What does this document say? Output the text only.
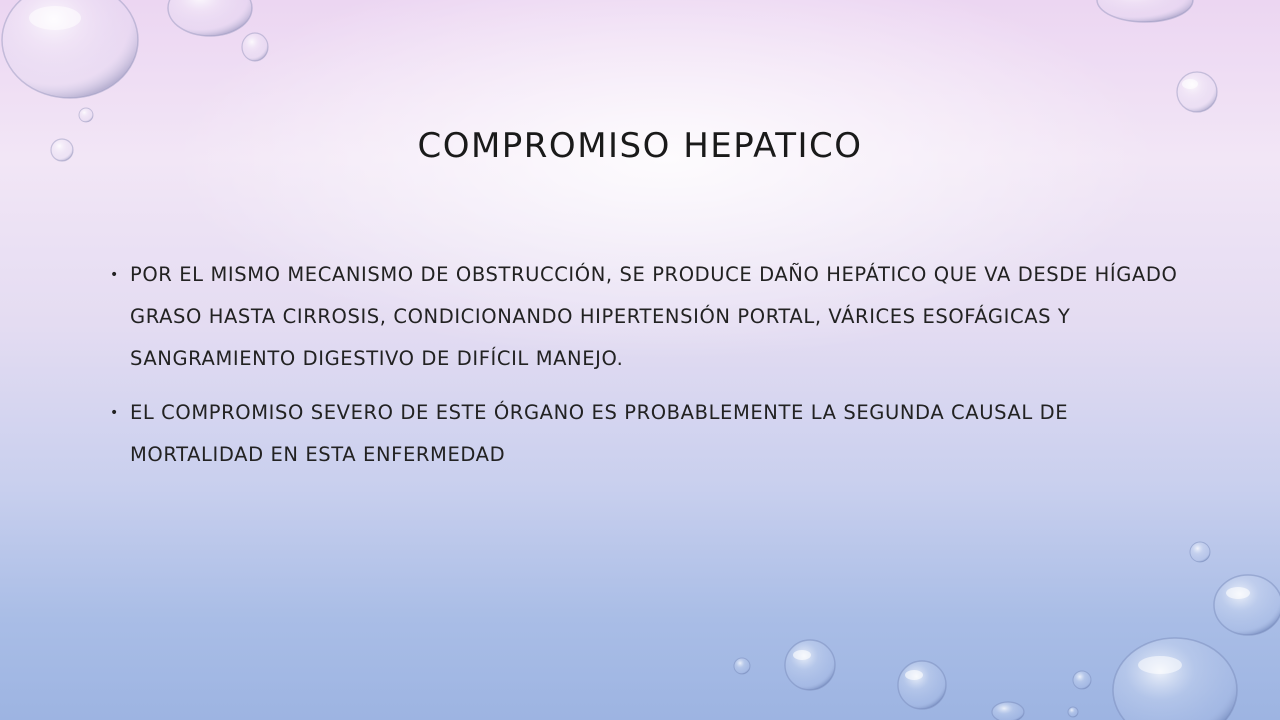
COMPROMISO HEPATICO
• POR EL MISMO MECANISMO DE OBSTRUCCIÓN, SE PRODUCE DAÑO HEPÁTICO QUE VA DESDE HÍGADO GRASO HASTA CIRROSIS, CONDICIONANDO HIPERTENSIÓN PORTAL, VÁRICES ESOFÁGICAS Y SANGRAMIENTO DIGESTIVO DE DIFÍCIL MANEJO.
• EL COMPROMISO SEVERO DE ESTE ÓRGANO ES PROBABLEMENTE LA SEGUNDA CAUSAL DE MORTALIDAD EN ESTA ENFERMEDAD
